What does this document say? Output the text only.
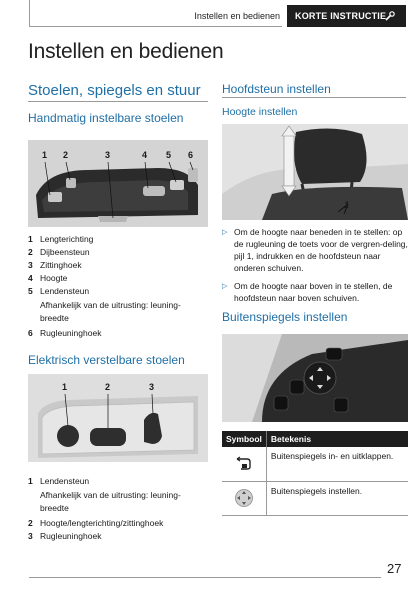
Instellen en bedienen KORTE INSTRUCTIE
Instellen en bedienen
Stoelen, spiegels en stuur
Handmatig instelbare stoelen
1 2	3	4 5 6
1 Lengterichting
2 Dijbeensteun
3 Zittinghoek
4 Hoogte
5 Lendensteun
Afhankelijk van de uitrusting: leuning-breedte
6 Rugleuninghoek
Elektrisch verstelbare stoelen
1	2	3
1 Lendensteun
Afhankelijk van de uitrusting: leuning-breedte
2 Hoogte/lengterichting/zittinghoek
3 Rugleuninghoek
Hoofdsteun instellen
Hoogte instellen
1
▷ Om de hoogte naar beneden in te stellen: op de rugleuning de toets voor de vergren-deling, pijl 1, indrukken en de hoofdsteun naar onderen schuiven.
▷ Om de hoogte naar boven in te stellen, de hoofdsteun naar boven schuiven.
Buitenspiegels instellen
Symbool	Betekenis

	Buitenspiegels in- en uitklappen.

	Buitenspiegels instellen.
27
